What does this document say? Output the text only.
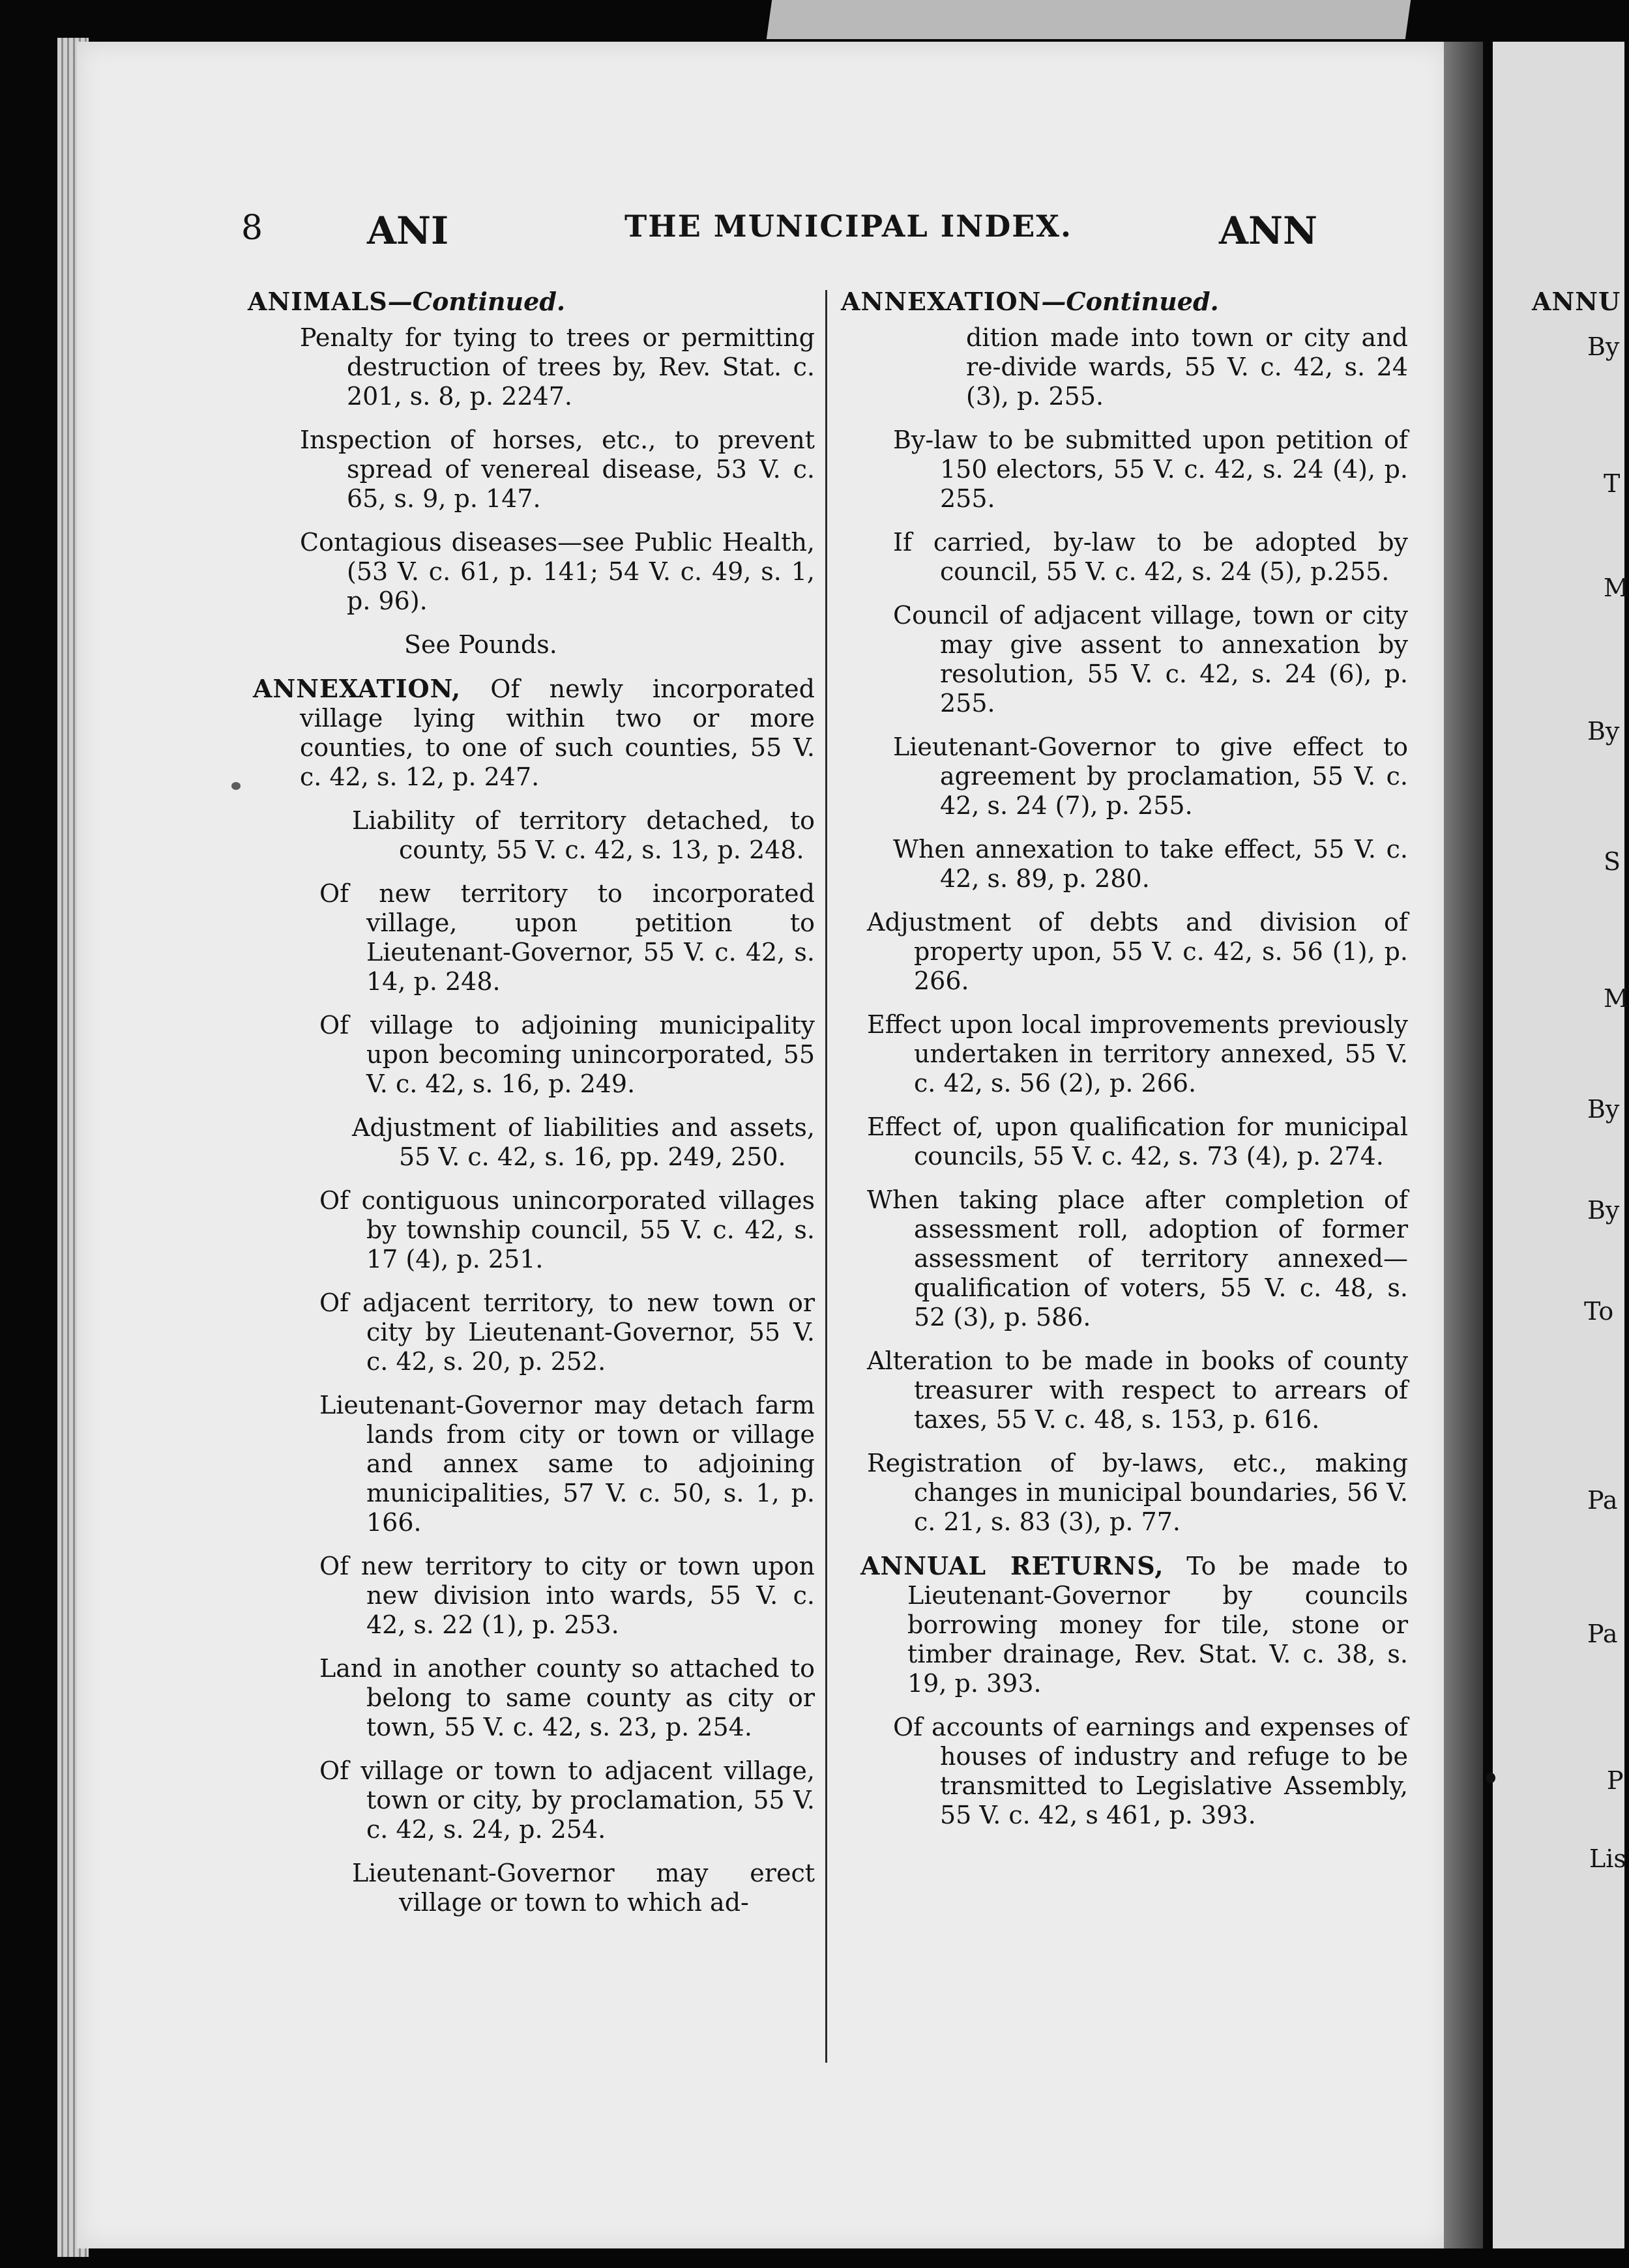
8	ANI	THE MUNICIPAL INDEX.	ANN
ANIMALS—Continued.

Penalty for tying to trees or permitting destruction of trees by, Rev. Stat. c. 201, s. 8, p. 2247.

Inspection of horses, etc., to prevent spread of venereal disease, 53 V. c. 65, s. 9, p. 147.

Contagious diseases—see Public Health, (53 V. c. 61, p. 141; 54 V. c. 49, s. 1, p. 96).

See Pounds.

ANNEXATION, Of newly incorporated village lying within two or more counties, to one of such counties, 55 V. c. 42, s. 12, p. 247.

Liability of territory detached, to county, 55 V. c. 42, s. 13, p. 248.

Of new territory to incorporated village, upon petition to Lieutenant-Governor, 55 V. c. 42, s. 14, p. 248.

Of village to adjoining municipality upon becoming unincorporated, 55 V. c. 42, s. 16, p. 249.

Adjustment of liabilities and assets, 55 V. c. 42, s. 16, pp. 249, 250.

Of contiguous unincorporated villages by township council, 55 V. c. 42, s. 17 (4), p. 251.

Of adjacent territory, to new town or city by Lieutenant-Governor, 55 V. c. 42, s. 20, p. 252.

Lieutenant-Governor may detach farm lands from city or town or village and annex same to adjoining municipalities, 57 V. c. 50, s. 1, p. 166.

Of new territory to city or town upon new division into wards, 55 V. c. 42, s. 22 (1), p. 253.

Land in another county so attached to belong to same county as city or town, 55 V. c. 42, s. 23, p. 254.

Of village or town to adjacent village, town or city, by proclamation, 55 V. c. 42, s. 24, p. 254.

Lieutenant-Governor may erect village or town to which ad-

ANNEXATION—Continued.

dition made into town or city and re-divide wards, 55 V. c. 42, s. 24 (3), p. 255.

By-law to be submitted upon petition of 150 electors, 55 V. c. 42, s. 24 (4), p. 255.

If carried, by-law to be adopted by council, 55 V. c. 42, s. 24 (5), p.255.

Council of adjacent village, town or city may give assent to annexation by resolution, 55 V. c. 42, s. 24 (6), p. 255.

Lieutenant-Governor to give effect to agreement by proclamation, 55 V. c. 42, s. 24 (7), p. 255.

When annexation to take effect, 55 V. c. 42, s. 89, p. 280.

Adjustment of debts and division of property upon, 55 V. c. 42, s. 56 (1), p. 266.

Effect upon local improvements previously undertaken in territory annexed, 55 V. c. 42, s. 56 (2), p. 266.

Effect of, upon qualification for municipal councils, 55 V. c. 42, s. 73 (4), p. 274.

When taking place after completion of assessment roll, adoption of former assessment of territory annexed—qualification of voters, 55 V. c. 48, s. 52 (3), p. 586.

Alteration to be made in books of county treasurer with respect to arrears of taxes, 55 V. c. 48, s. 153, p. 616.

Registration of by-laws, etc., making changes in municipal boundaries, 56 V. c. 21, s. 83 (3), p. 77.

ANNUAL RETURNS, To be made to Lieutenant-Governor by councils borrowing money for tile, stone or timber drainage, Rev. Stat. V. c. 38, s. 19, p. 393.

Of accounts of earnings and expenses of houses of industry and refuge to be transmitted to Legislative Assembly, 55 V. c. 42, s 461, p. 393.

ANNU
By
T
M
By
S
M
By
By
To
Pa
Pa
P
Lis
